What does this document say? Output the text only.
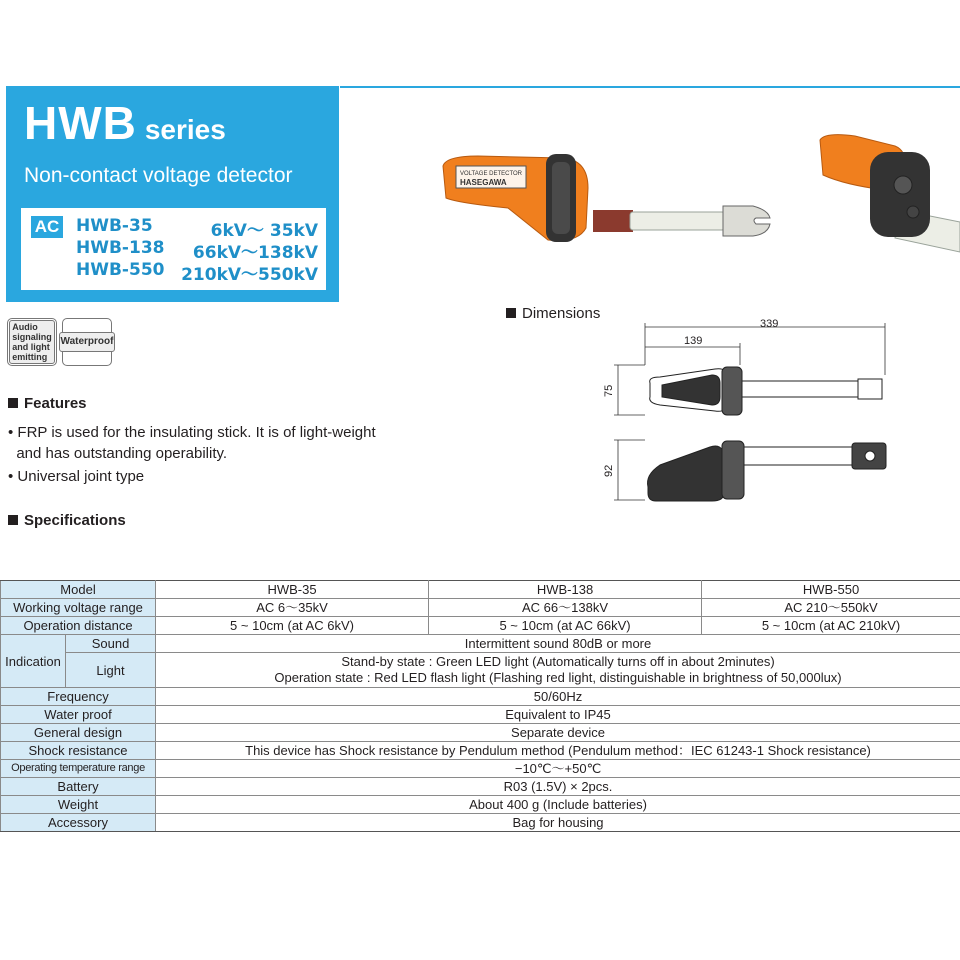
HWB series
Non-contact voltage detector
AC HWB-35	6kV〜 35kV
HWB-138 66kV〜138kV
HWB-550 210kV〜550kV
Audio
signaling
and light
emitting
Waterproof
Features
• FRP is used for the insulating stick. It is of light-weight
and has outstanding operability.
• Universal joint type
Specifications
VOLTAGE DETECTOR
HASEGAWA
Dimensions
339
139
75
92
Model		HWB-35	HWB-138	HWB-550
Working voltage range		AC 6〜35kV	AC 66〜138kV	AC 210〜550kV
Operation distance		5 ~ 10cm (at AC 6kV)	5 ~ 10cm (at AC 66kV)	5 ~ 10cm (at AC 210kV)
Indication	Sound	Intermittent sound 80dB or more		
	Light	Stand-by state : Green LED light (Automatically turns off in about 2minutes)
Operation state : Red LED flash light (Flashing red light, distinguishable in brightness of 50,000lux)		

Frequency		50/60Hz		
Water proof		Equivalent to IP45		
General design		Separate device		
Shock resistance		This device has Shock resistance by Pendulum method (Pendulum method：IEC 61243-1 Shock resistance)		
Operating temperature range		−10℃〜+50℃		
Battery		R03 (1.5V) × 2pcs.		
Weight		About 400 g (Include batteries)		
Accessory		Bag for housing		
